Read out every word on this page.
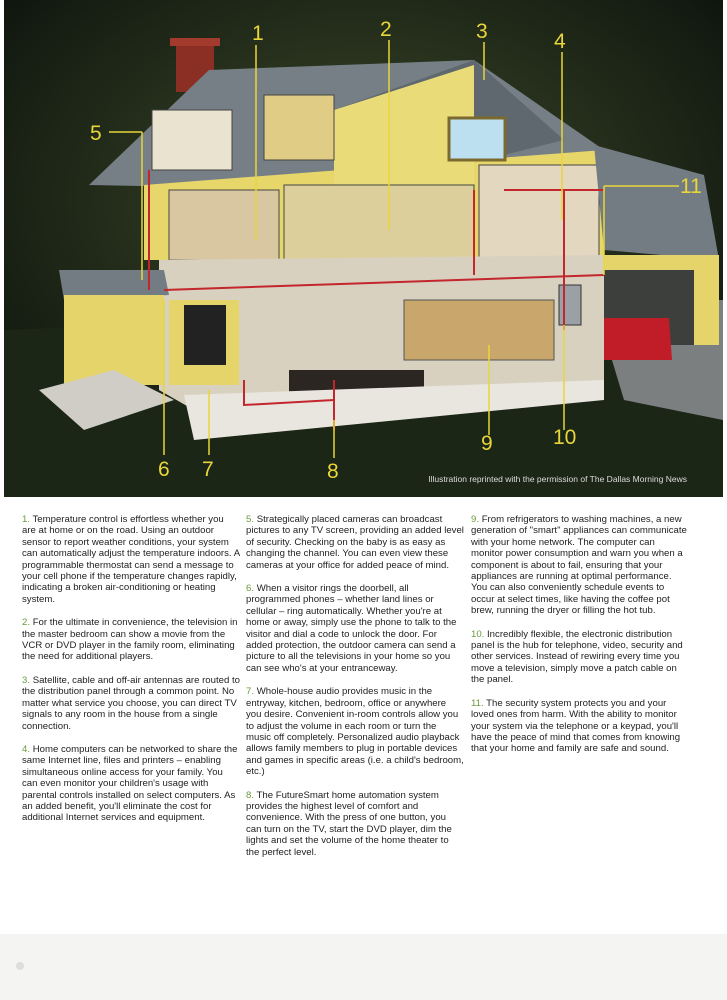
1	2	3	4
5
6 7	8
9	10
11
Illustration reprinted with the permission of The Dallas Morning News

1. Temperature control is effortless whether you are at home or on the road. Using an outdoor sensor to report weather conditions, your system can automatically adjust the temperature indoors. A programmable thermostat can send a message to your cell phone if the temperature changes rapidly, indicating a broken air-conditioning or heating system.

2. For the ultimate in convenience, the television in the master bedroom can show a movie from the VCR or DVD player in the family room, eliminating the need for additional players.

3. Satellite, cable and off-air antennas are routed to the distribution panel through a common point. No matter what service you choose, you can direct TV signals to any room in the house from a single connection.

4. Home computers can be networked to share the same Internet line, files and printers – enabling simultaneous online access for your family. You can even monitor your children's usage with parental controls installed on select computers. As an added benefit, you'll eliminate the cost for additional Internet services and equipment.

5. Strategically placed cameras can broadcast pictures to any TV screen, providing an added level of security. Checking on the baby is as easy as changing the channel. You can even view these cameras at your office for added peace of mind.

6. When a visitor rings the doorbell, all programmed phones – whether land lines or cellular – ring automatically. Whether you're at home or away, simply use the phone to talk to the visitor and dial a code to unlock the door. For added protection, the outdoor camera can send a picture to all the televisions in your home so you can see who's at your entranceway.

7. Whole-house audio provides music in the entryway, kitchen, bedroom, office or anywhere you desire. Convenient in-room controls allow you to adjust the volume in each room or turn the music off completely. Personalized audio playback allows family members to plug in portable devices and games in specific areas (i.e. a child's bedroom, etc.)

8. The FutureSmart home automation system provides the highest level of comfort and convenience. With the press of one button, you can turn on the TV, start the DVD player, dim the lights and set the volume of the home theater to the perfect level.

9. From refrigerators to washing machines, a new generation of "smart" appliances can communicate with your home network. The computer can monitor power consumption and warn you when a component is about to fail, ensuring that your appliances are running at optimal performance. You can also conveniently schedule events to occur at select times, like having the coffee pot brew, running the dryer or filling the hot tub.

10. Incredibly flexible, the electronic distribution panel is the hub for telephone, video, security and other services. Instead of rewiring every time you move a television, simply move a patch cable on the panel.

11. The security system protects you and your loved ones from harm. With the ability to monitor your system via the telephone or a keypad, you'll have the peace of mind that comes from knowing that your home and family are safe and sound.
